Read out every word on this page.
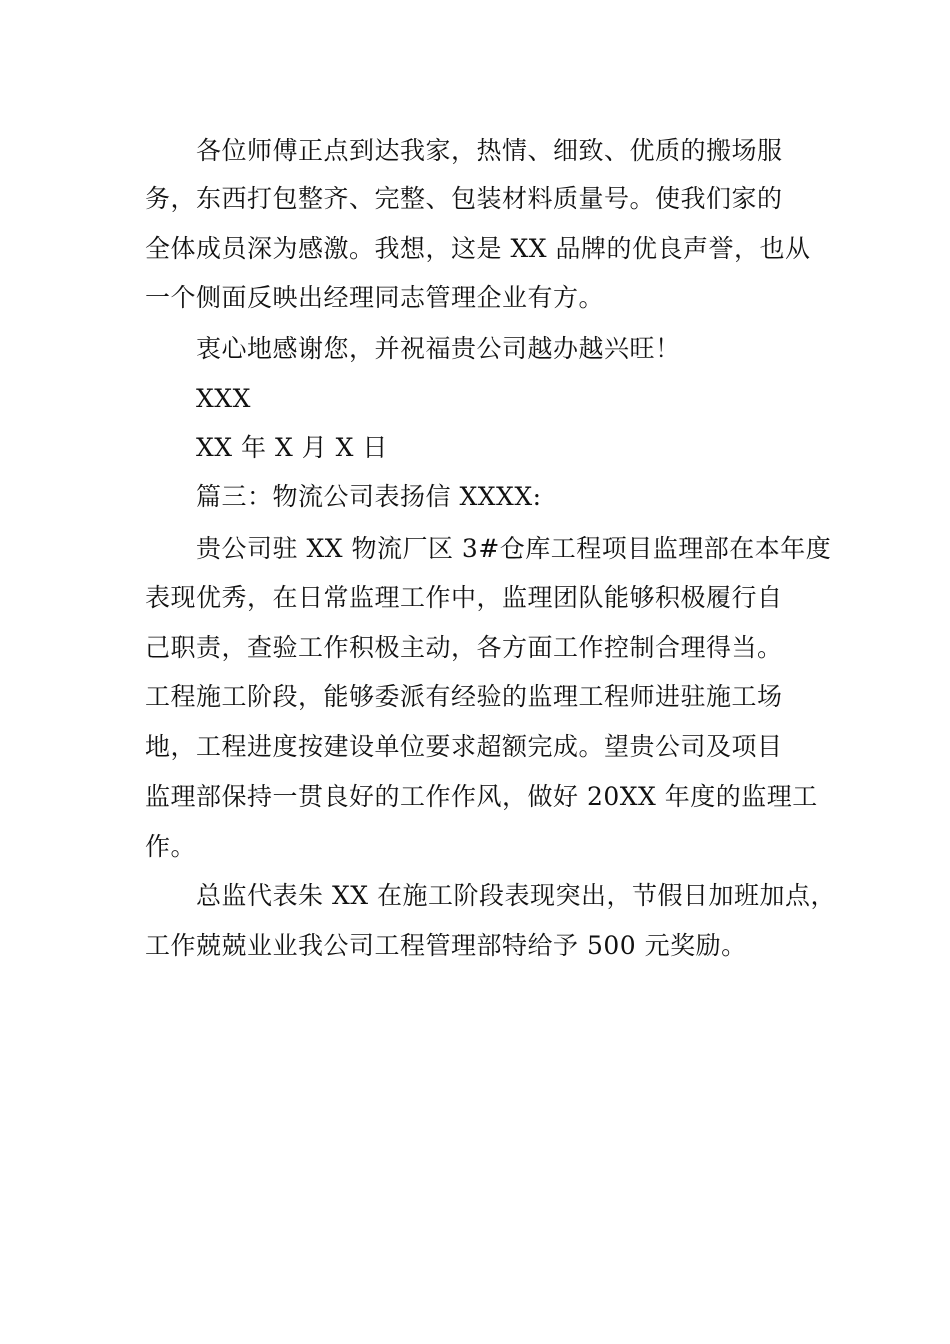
各位师傅正点到达我家，热情、细致、优质的搬场服
务，东西打包整齐、完整、包装材料质量号。使我们家的
全体成员深为感激。我想，这是 XX 品牌的优良声誉，也从
一个侧面反映出经理同志管理企业有方。
衷心地感谢您，并祝福贵公司越办越兴旺！
XXX
XX 年 X 月 X 日
篇三：物流公司表扬信 XXXX:
贵公司驻 XX 物流厂区 3#仓库工程项目监理部在本年度
表现优秀，在日常监理工作中，监理团队能够积极履行自
己职责，查验工作积极主动，各方面工作控制合理得当。
工程施工阶段，能够委派有经验的监理工程师进驻施工场
地，工程进度按建设单位要求超额完成。望贵公司及项目
监理部保持一贯良好的工作作风，做好 20XX 年度的监理工
作。
总监代表朱 XX 在施工阶段表现突出，节假日加班加点，
工作兢兢业业我公司工程管理部特给予 500 元奖励。
